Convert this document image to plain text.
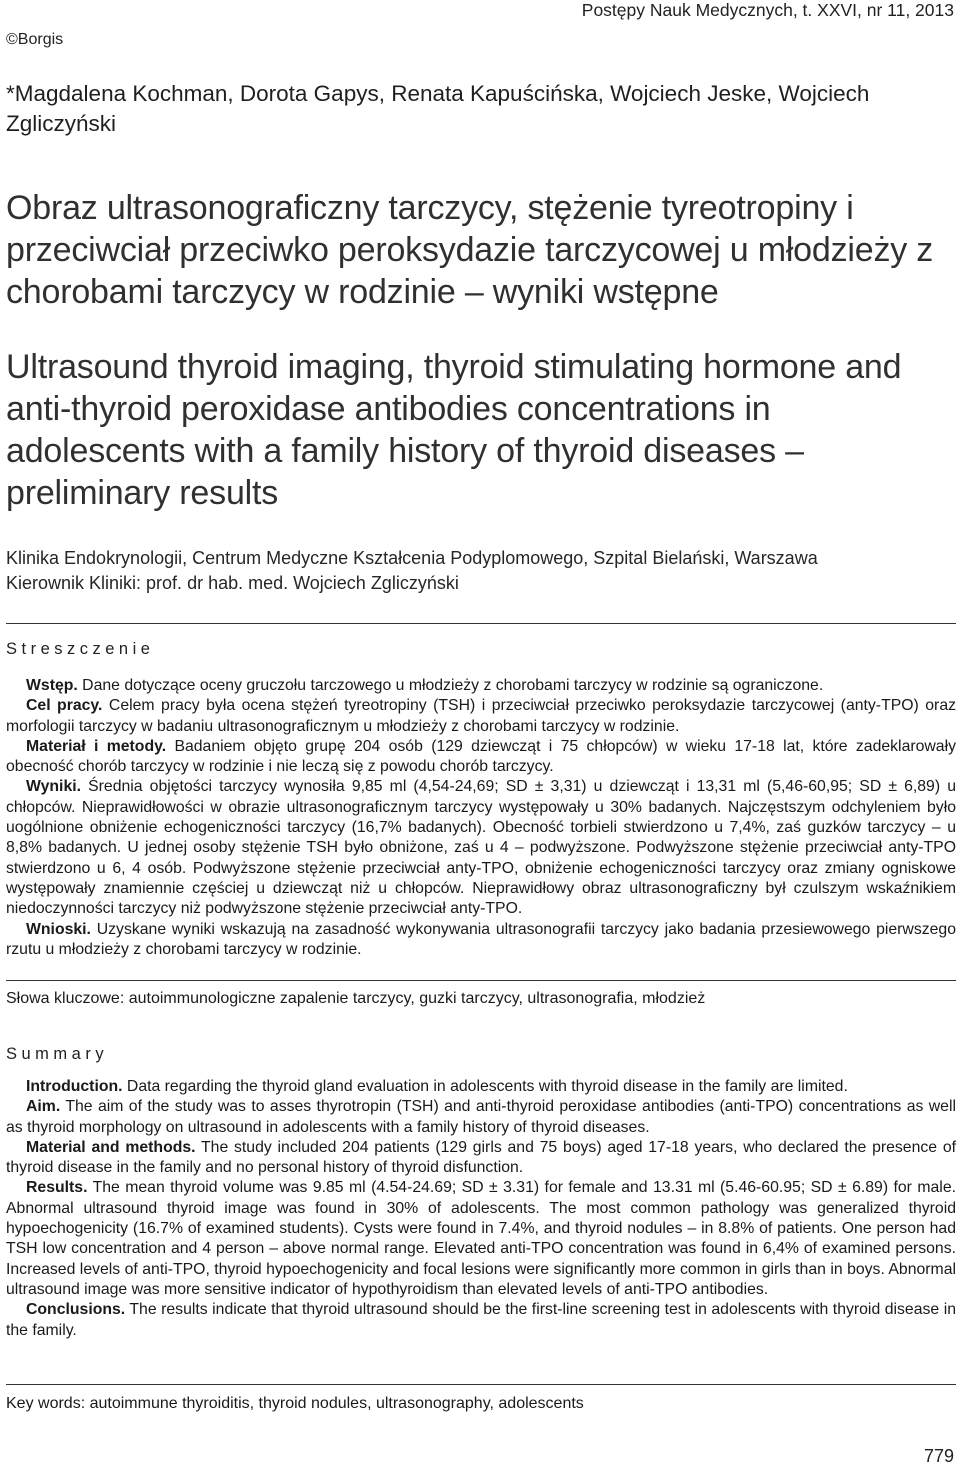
Postępy Nauk Medycznych, t. XXVI, nr 11, 2013
©Borgis
*Magdalena Kochman, Dorota Gapys, Renata Kapuścińska, Wojciech Jeske, Wojciech Zgliczyński
Obraz ultrasonograficzny tarczycy, stężenie tyreotropiny i przeciwciał przeciwko peroksydazie tarczycowej u młodzieży z chorobami tarczycy w rodzinie – wyniki wstępne
Ultrasound thyroid imaging, thyroid stimulating hormone and anti-thyroid peroxidase antibodies concentrations in adolescents with a family history of thyroid diseases – preliminary results
Klinika Endokrynologii, Centrum Medyczne Kształcenia Podyplomowego, Szpital Bielański, Warszawa
Kierownik Kliniki: prof. dr hab. med. Wojciech Zgliczyński
Streszczenie

Wstęp. Dane dotyczące oceny gruczołu tarczowego u młodzieży z chorobami tarczycy w rodzinie są ograniczone.

Cel pracy. Celem pracy była ocena stężeń tyreotropiny (TSH) i przeciwciał przeciwko peroksydazie tarczycowej (anty-TPO) oraz morfologii tarczycy w badaniu ultrasonograficznym u młodzieży z chorobami tarczycy w rodzinie.

Materiał i metody. Badaniem objęto grupę 204 osób (129 dziewcząt i 75 chłopców) w wieku 17-18 lat, które zadeklarowały obecność chorób tarczycy w rodzinie i nie leczą się z powodu chorób tarczycy.

Wyniki. Średnia objętości tarczycy wynosiła 9,85 ml (4,54-24,69; SD ± 3,31) u dziewcząt i 13,31 ml (5,46-60,95; SD ± 6,89) u chłopców. Nieprawidłowości w obrazie ultrasonograficznym tarczycy występowały u 30% badanych. Najczęstszym odchyleniem było uogólnione obniżenie echogeniczności tarczycy (16,7% badanych). Obecność torbieli stwierdzono u 7,4%, zaś guzków tarczycy – u 8,8% badanych. U jednej osoby stężenie TSH było obniżone, zaś u 4 – podwyższone. Podwyższone stężenie przeciwciał anty-TPO stwierdzono u 6, 4 osób. Podwyższone stężenie przeciwciał anty-TPO, obniżenie echogeniczności tarczycy oraz zmiany ogniskowe występowały znamiennie częściej u dziewcząt niż u chłopców. Nieprawidłowy obraz ultrasonograficzny był czulszym wskaźnikiem niedoczynności tarczycy niż podwyższone stężenie przeciwciał anty-TPO.

Wnioski. Uzyskane wyniki wskazują na zasadność wykonywania ultrasonografii tarczycy jako badania przesiewowego pierwszego rzutu u młodzieży z chorobami tarczycy w rodzinie.

Słowa kluczowe: autoimmunologiczne zapalenie tarczycy, guzki tarczycy, ultrasonografia, młodzież
Summary

Introduction. Data regarding the thyroid gland evaluation in adolescents with thyroid disease in the family are limited.

Aim. The aim of the study was to asses thyrotropin (TSH) and anti-thyroid peroxidase antibodies (anti-TPO) concentrations as well as thyroid morphology on ultrasound in adolescents with a family history of thyroid diseases.

Material and methods. The study included 204 patients (129 girls and 75 boys) aged 17-18 years, who declared the presence of thyroid disease in the family and no personal history of thyroid disfunction.

Results. The mean thyroid volume was 9.85 ml (4.54-24.69; SD ± 3.31) for female and 13.31 ml (5.46-60.95; SD ± 6.89) for male. Abnormal ultrasound thyroid image was found in 30% of adolescents. The most common pathology was generalized thyroid hypoechogenicity (16.7% of examined students). Cysts were found in 7.4%, and thyroid nodules – in 8.8% of patients. One person had TSH low concentration and 4 person – above normal range. Elevated anti-TPO concentration was found in 6,4% of examined persons. Increased levels of anti-TPO, thyroid hypoechogenicity and focal lesions were significantly more common in girls than in boys. Abnormal ultrasound image was more sensitive indicator of hypothyroidism than elevated levels of anti-TPO antibodies.

Conclusions. The results indicate that thyroid ultrasound should be the first-line screening test in adolescents with thyroid disease in the family.

Key words: autoimmune thyroiditis, thyroid nodules, ultrasonography, adolescents
779
